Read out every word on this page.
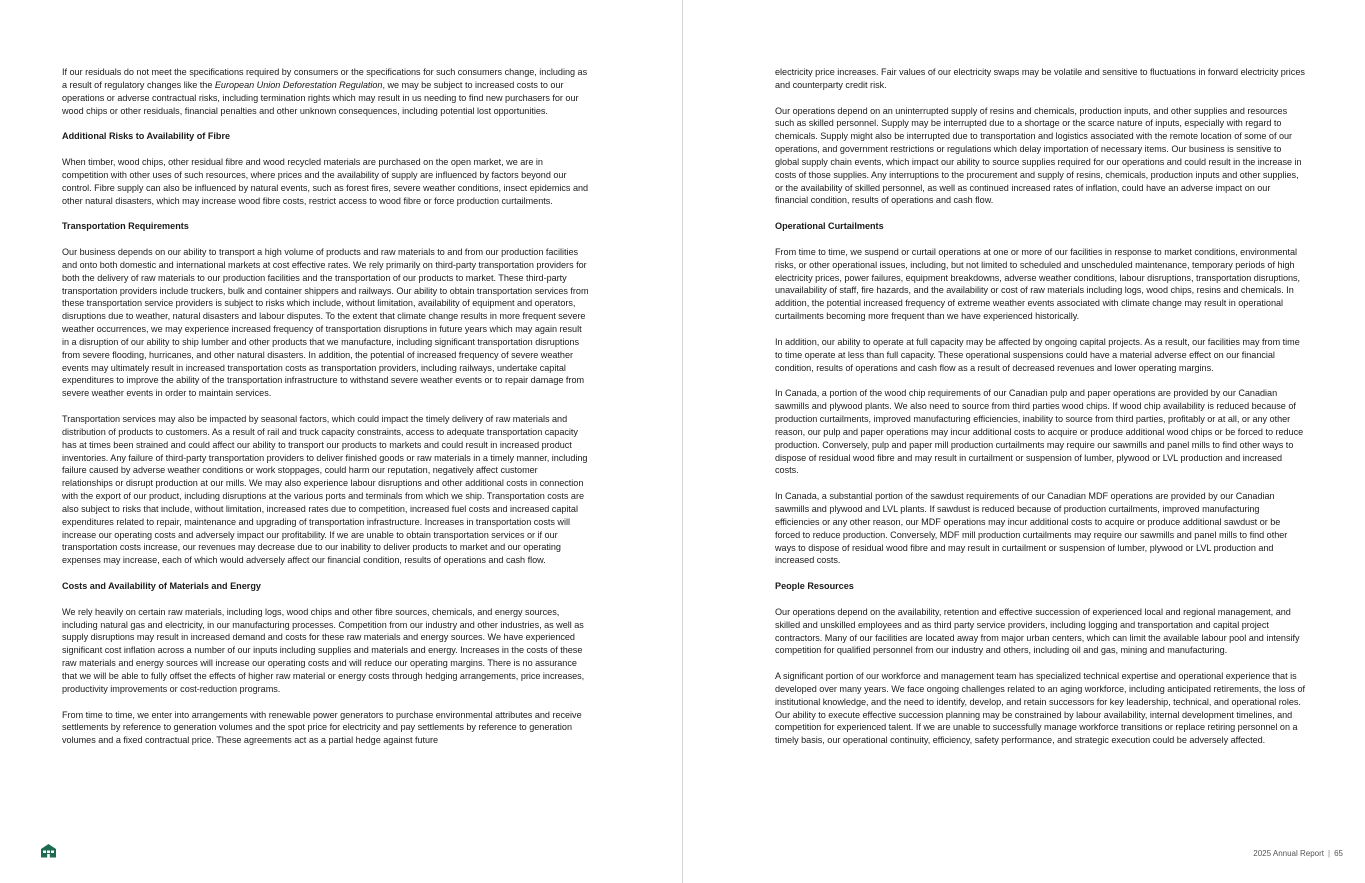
If our residuals do not meet the specifications required by consumers or the specifications for such consumers change, including as a result of regulatory changes like the European Union Deforestation Regulation, we may be subject to increased costs to our operations or adverse contractual risks, including termination rights which may result in us needing to find new purchasers for our wood chips or other residuals, financial penalties and other unknown consequences, including potential lost opportunities.

Additional Risks to Availability of Fibre

When timber, wood chips, other residual fibre and wood recycled materials are purchased on the open market, we are in competition with other uses of such resources, where prices and the availability of supply are influenced by factors beyond our control. Fibre supply can also be influenced by natural events, such as forest fires, severe weather conditions, insect epidemics and other natural disasters, which may increase wood fibre costs, restrict access to wood fibre or force production curtailments.

Transportation Requirements

Our business depends on our ability to transport a high volume of products and raw materials to and from our production facilities and onto both domestic and international markets at cost effective rates. We rely primarily on third-party transportation providers for both the delivery of raw materials to our production facilities and the transportation of our products to market. These third-party transportation providers include truckers, bulk and container shippers and railways. Our ability to obtain transportation services from these transportation service providers is subject to risks which include, without limitation, availability of equipment and operators, disruptions due to weather, natural disasters and labour disputes. To the extent that climate change results in more frequent severe weather occurrences, we may experience increased frequency of transportation disruptions in future years which may again result in a disruption of our ability to ship lumber and other products that we manufacture, including significant transportation disruptions from severe flooding, hurricanes, and other natural disasters. In addition, the potential of increased frequency of severe weather events may ultimately result in increased transportation costs as transportation providers, including railways, undertake capital expenditures to improve the ability of the transportation infrastructure to withstand severe weather events or to repair damage from severe weather events in order to maintain services.

Transportation services may also be impacted by seasonal factors, which could impact the timely delivery of raw materials and distribution of products to customers. As a result of rail and truck capacity constraints, access to adequate transportation capacity has at times been strained and could affect our ability to transport our products to markets and could result in increased product inventories. Any failure of third-party transportation providers to deliver finished goods or raw materials in a timely manner, including failure caused by adverse weather conditions or work stoppages, could harm our reputation, negatively affect customer relationships or disrupt production at our mills. We may also experience labour disruptions and other additional costs in connection with the export of our product, including disruptions at the various ports and terminals from which we ship. Transportation costs are also subject to risks that include, without limitation, increased rates due to competition, increased fuel costs and increased capital expenditures related to repair, maintenance and upgrading of transportation infrastructure. Increases in transportation costs will increase our operating costs and adversely impact our profitability. If we are unable to obtain transportation services or if our transportation costs increase, our revenues may decrease due to our inability to deliver products to market and our operating expenses may increase, each of which would adversely affect our financial condition, results of operations and cash flow.

Costs and Availability of Materials and Energy

We rely heavily on certain raw materials, including logs, wood chips and other fibre sources, chemicals, and energy sources, including natural gas and electricity, in our manufacturing processes. Competition from our industry and other industries, as well as supply disruptions may result in increased demand and costs for these raw materials and energy sources. We have experienced significant cost inflation across a number of our inputs including supplies and materials and energy. Increases in the costs of these raw materials and energy sources will increase our operating costs and will reduce our operating margins. There is no assurance that we will be able to fully offset the effects of higher raw material or energy costs through hedging arrangements, price increases, productivity improvements or cost-reduction programs.

From time to time, we enter into arrangements with renewable power generators to purchase environmental attributes and receive settlements by reference to generation volumes and the spot price for electricity and pay settlements by reference to generation volumes and a fixed contractual price. These agreements act as a partial hedge against future

electricity price increases. Fair values of our electricity swaps may be volatile and sensitive to fluctuations in forward electricity prices and counterparty credit risk.

Our operations depend on an uninterrupted supply of resins and chemicals, production inputs, and other supplies and resources such as skilled personnel. Supply may be interrupted due to a shortage or the scarce nature of inputs, especially with regard to chemicals. Supply might also be interrupted due to transportation and logistics associated with the remote location of some of our operations, and government restrictions or regulations which delay importation of necessary items. Our business is sensitive to global supply chain events, which impact our ability to source supplies required for our operations and could result in the increase in costs of those supplies. Any interruptions to the procurement and supply of resins, chemicals, production inputs and other supplies, or the availability of skilled personnel, as well as continued increased rates of inflation, could have an adverse impact on our financial condition, results of operations and cash flow.

Operational Curtailments

From time to time, we suspend or curtail operations at one or more of our facilities in response to market conditions, environmental risks, or other operational issues, including, but not limited to scheduled and unscheduled maintenance, temporary periods of high electricity prices, power failures, equipment breakdowns, adverse weather conditions, labour disruptions, transportation disruptions, unavailability of staff, fire hazards, and the availability or cost of raw materials including logs, wood chips, resins and chemicals. In addition, the potential increased frequency of extreme weather events associated with climate change may result in operational curtailments becoming more frequent than we have experienced historically.

In addition, our ability to operate at full capacity may be affected by ongoing capital projects. As a result, our facilities may from time to time operate at less than full capacity. These operational suspensions could have a material adverse effect on our financial condition, results of operations and cash flow as a result of decreased revenues and lower operating margins.

In Canada, a portion of the wood chip requirements of our Canadian pulp and paper operations are provided by our Canadian sawmills and plywood plants. We also need to source from third parties wood chips. If wood chip availability is reduced because of production curtailments, improved manufacturing efficiencies, inability to source from third parties, profitably or at all, or any other reason, our pulp and paper operations may incur additional costs to acquire or produce additional wood chips or be forced to reduce production. Conversely, pulp and paper mill production curtailments may require our sawmills and panel mills to find other ways to dispose of residual wood fibre and may result in curtailment or suspension of lumber, plywood or LVL production and increased costs.

In Canada, a substantial portion of the sawdust requirements of our Canadian MDF operations are provided by our Canadian sawmills and plywood and LVL plants. If sawdust is reduced because of production curtailments, improved manufacturing efficiencies or any other reason, our MDF operations may incur additional costs to acquire or produce additional sawdust or be forced to reduce production. Conversely, MDF mill production curtailments may require our sawmills and panel mills to find other ways to dispose of residual wood fibre and may result in curtailment or suspension of lumber, plywood or LVL production and increased costs.

People Resources

Our operations depend on the availability, retention and effective succession of experienced local and regional management, and skilled and unskilled employees and as third party service providers, including logging and transportation and capital project contractors. Many of our facilities are located away from major urban centers, which can limit the available labour pool and intensify competition for qualified personnel from our industry and others, including oil and gas, mining and manufacturing.

A significant portion of our workforce and management team has specialized technical expertise and operational experience that is developed over many years. We face ongoing challenges related to an aging workforce, including anticipated retirements, the loss of institutional knowledge, and the need to identify, develop, and retain successors for key leadership, technical, and operational roles. Our ability to execute effective succession planning may be constrained by labour availability, internal development timelines, and competition for experienced talent. If we are unable to successfully manage workforce transitions or replace retiring personnel on a timely basis, our operational continuity, efficiency, safety performance, and strategic execution could be adversely affected.

2025 Annual Report | 65
